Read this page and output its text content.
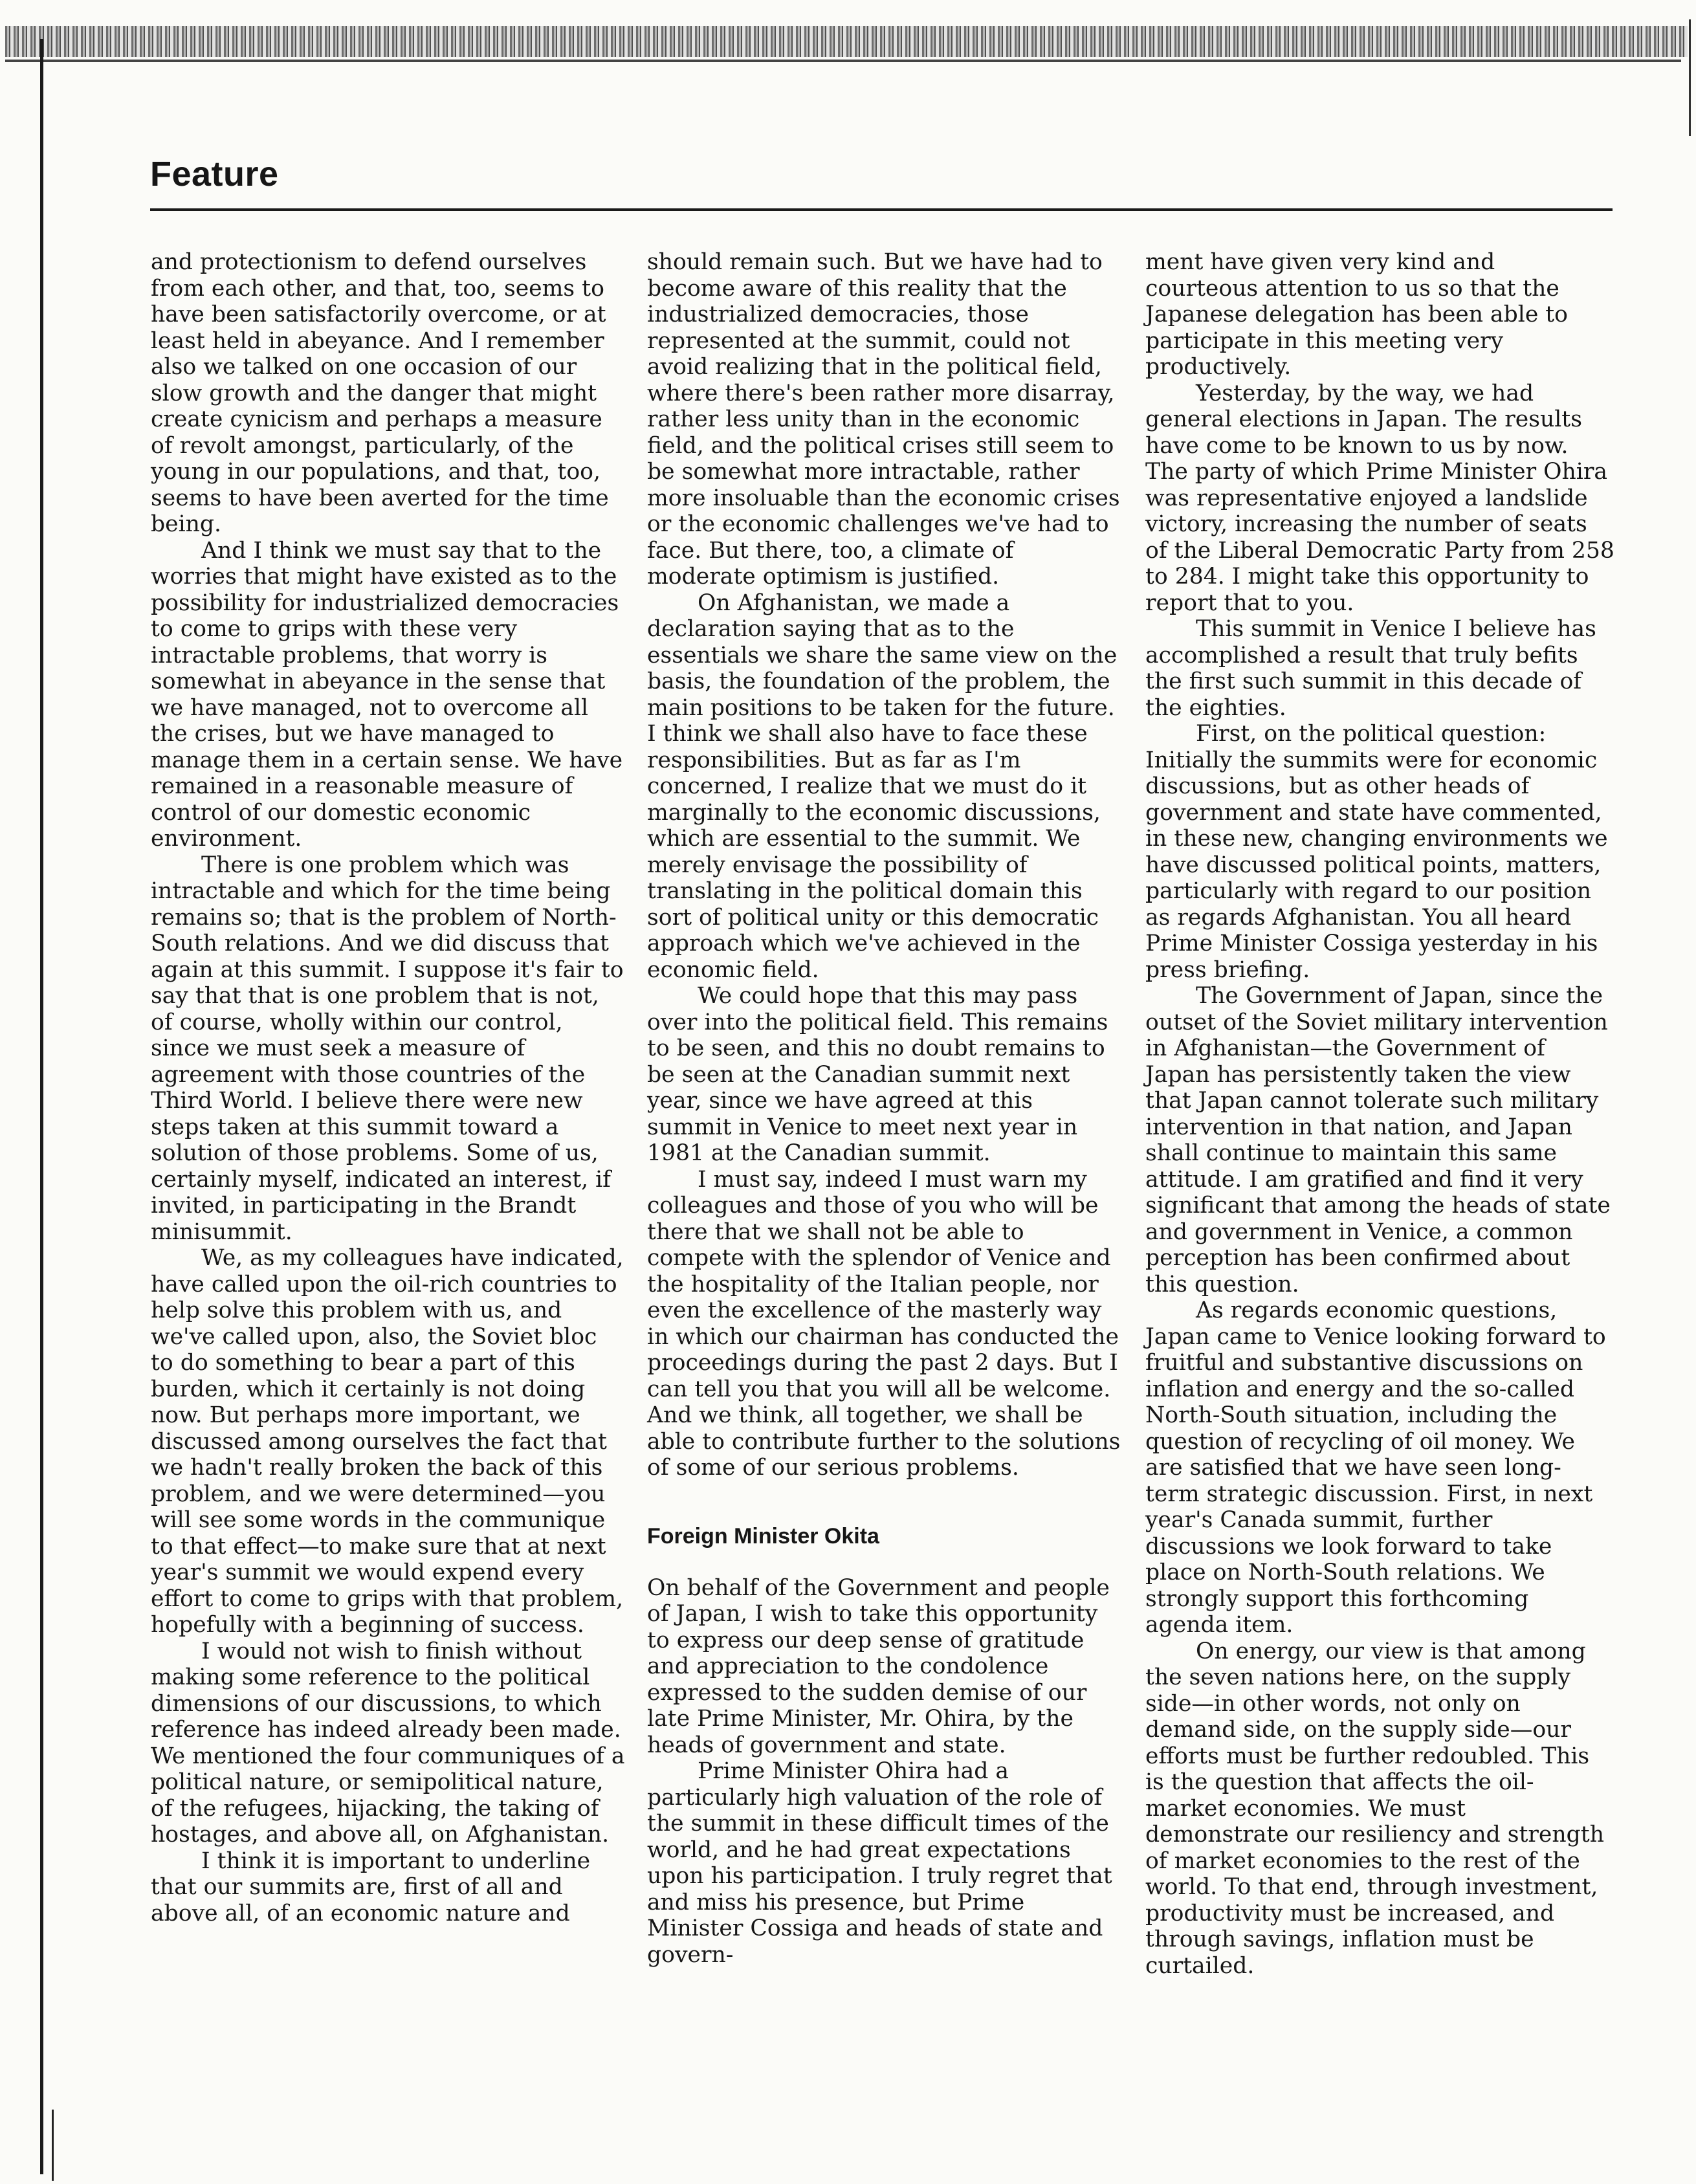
Feature

and protectionism to defend ourselves from each other, and that, too, seems to have been satisfactorily overcome, or at least held in abeyance. And I remember also we talked on one occasion of our slow growth and the danger that might create cynicism and perhaps a measure of revolt amongst, particularly, of the young in our populations, and that, too, seems to have been averted for the time being.

And I think we must say that to the worries that might have existed as to the possibility for industrialized democracies to come to grips with these very intractable problems, that worry is somewhat in abeyance in the sense that we have managed, not to overcome all the crises, but we have managed to manage them in a certain sense. We have remained in a reasonable measure of control of our domestic economic environment.

There is one problem which was intractable and which for the time being remains so; that is the problem of North-South relations. And we did discuss that again at this summit. I suppose it's fair to say that that is one problem that is not, of course, wholly within our control, since we must seek a measure of agreement with those countries of the Third World. I believe there were new steps taken at this summit toward a solution of those problems. Some of us, certainly myself, indicated an interest, if invited, in participating in the Brandt minisummit.

We, as my colleagues have indicated, have called upon the oil-rich countries to help solve this problem with us, and we've called upon, also, the Soviet bloc to do something to bear a part of this burden, which it certainly is not doing now. But perhaps more important, we discussed among ourselves the fact that we hadn't really broken the back of this problem, and we were determined—you will see some words in the communique to that effect—to make sure that at next year's summit we would expend every effort to come to grips with that problem, hopefully with a beginning of success.

I would not wish to finish without making some reference to the political dimensions of our discussions, to which reference has indeed already been made. We mentioned the four communiques of a political nature, or semipolitical nature, of the refugees, hijacking, the taking of hostages, and above all, on Afghanistan.

I think it is important to underline that our summits are, first of all and above all, of an economic nature and

should remain such. But we have had to become aware of this reality that the industrialized democracies, those represented at the summit, could not avoid realizing that in the political field, where there's been rather more disarray, rather less unity than in the economic field, and the political crises still seem to be somewhat more intractable, rather more insoluable than the economic crises or the economic challenges we've had to face. But there, too, a climate of moderate optimism is justified.

On Afghanistan, we made a declaration saying that as to the essentials we share the same view on the basis, the foundation of the problem, the main positions to be taken for the future. I think we shall also have to face these responsibilities. But as far as I'm concerned, I realize that we must do it marginally to the economic discussions, which are essential to the summit. We merely envisage the possibility of translating in the political domain this sort of political unity or this democratic approach which we've achieved in the economic field.

We could hope that this may pass over into the political field. This remains to be seen, and this no doubt remains to be seen at the Canadian summit next year, since we have agreed at this summit in Venice to meet next year in 1981 at the Canadian summit.

I must say, indeed I must warn my colleagues and those of you who will be there that we shall not be able to compete with the splendor of Venice and the hospitality of the Italian people, nor even the excellence of the masterly way in which our chairman has conducted the proceedings during the past 2 days. But I can tell you that you will all be welcome. And we think, all together, we shall be able to contribute further to the solutions of some of our serious problems.

Foreign Minister Okita

On behalf of the Government and people of Japan, I wish to take this opportunity to express our deep sense of gratitude and appreciation to the condolence expressed to the sudden demise of our late Prime Minister, Mr. Ohira, by the heads of government and state.

Prime Minister Ohira had a particularly high valuation of the role of the summit in these difficult times of the world, and he had great expectations upon his participation. I truly regret that and miss his presence, but Prime Minister Cossiga and heads of state and govern-

ment have given very kind and courteous attention to us so that the Japanese delegation has been able to participate in this meeting very productively.

Yesterday, by the way, we had general elections in Japan. The results have come to be known to us by now. The party of which Prime Minister Ohira was representative enjoyed a landslide victory, increasing the number of seats of the Liberal Democratic Party from 258 to 284. I might take this opportunity to report that to you.

This summit in Venice I believe has accomplished a result that truly befits the first such summit in this decade of the eighties.

First, on the political question: Initially the summits were for economic discussions, but as other heads of government and state have commented, in these new, changing environments we have discussed political points, matters, particularly with regard to our position as regards Afghanistan. You all heard Prime Minister Cossiga yesterday in his press briefing.

The Government of Japan, since the outset of the Soviet military intervention in Afghanistan—the Government of Japan has persistently taken the view that Japan cannot tolerate such military intervention in that nation, and Japan shall continue to maintain this same attitude. I am gratified and find it very significant that among the heads of state and government in Venice, a common perception has been confirmed about this question.

As regards economic questions, Japan came to Venice looking forward to fruitful and substantive discussions on inflation and energy and the so-called North-South situation, including the question of recycling of oil money. We are satisfied that we have seen long-term strategic discussion. First, in next year's Canada summit, further discussions we look forward to take place on North-South relations. We strongly support this forthcoming agenda item.

On energy, our view is that among the seven nations here, on the supply side—in other words, not only on demand side, on the supply side—our efforts must be further redoubled. This is the question that affects the oil-market economies. We must demonstrate our resiliency and strength of market economies to the rest of the world. To that end, through investment, productivity must be increased, and through savings, inflation must be curtailed.
